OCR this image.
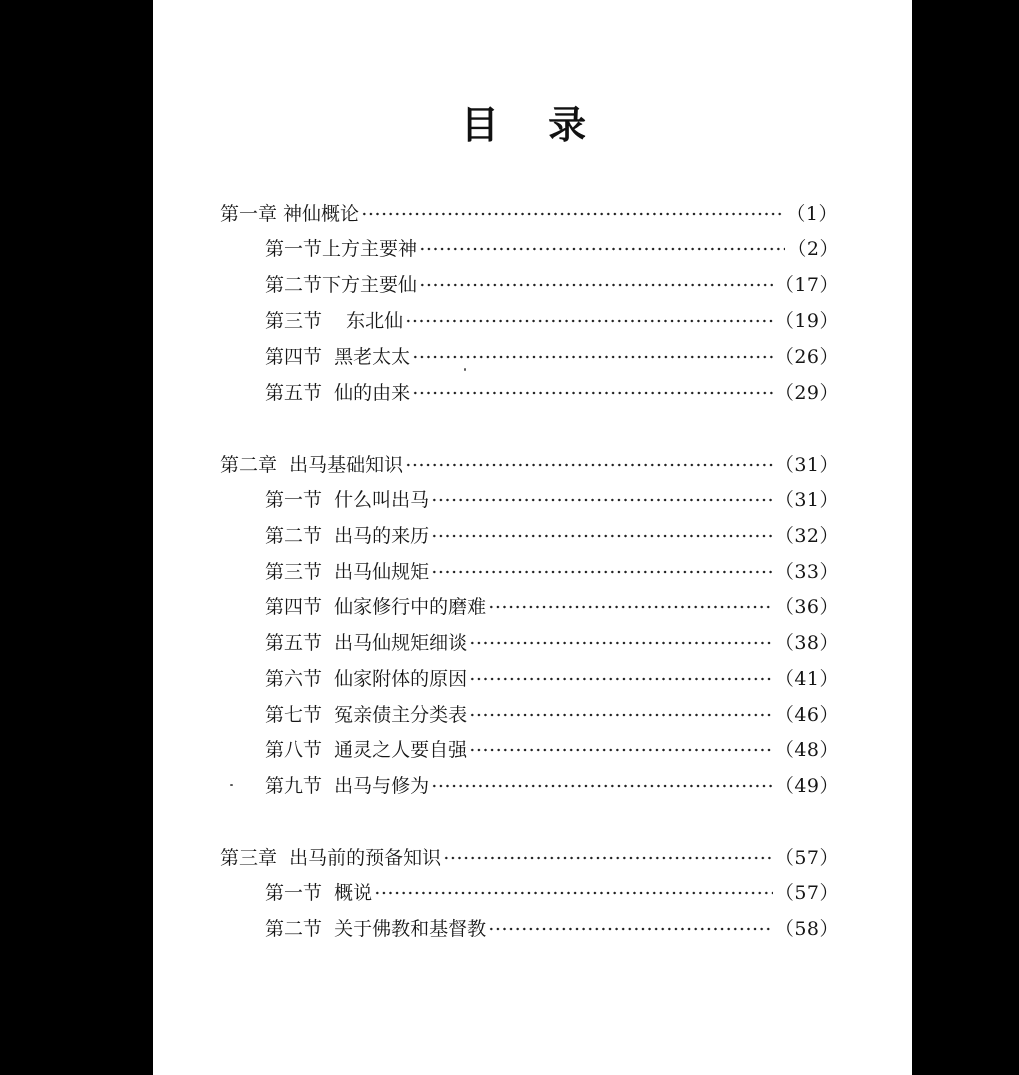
目 录
第一章 神仙概论	（1）
第一节上方主要神	（2）
第二节下方主要仙	（17）
第三节    东北仙	（19）
第四节  黑老太太	（26）
第五节  仙的由来	（29）
第二章  出马基础知识	（31）
第一节  什么叫出马	（31）
第二节  出马的来历	（32）
第三节  出马仙规矩	（33）
第四节  仙家修行中的磨难	（36）
第五节  出马仙规矩细谈	（38）
第六节  仙家附体的原因	（41）
第七节  冤亲债主分类表	（46）
第八节  通灵之人要自强	（48）
第九节  出马与修为	（49）
第三章  出马前的预备知识	（57）
第一节  概说	（57）
第二节  关于佛教和基督教	（58）
